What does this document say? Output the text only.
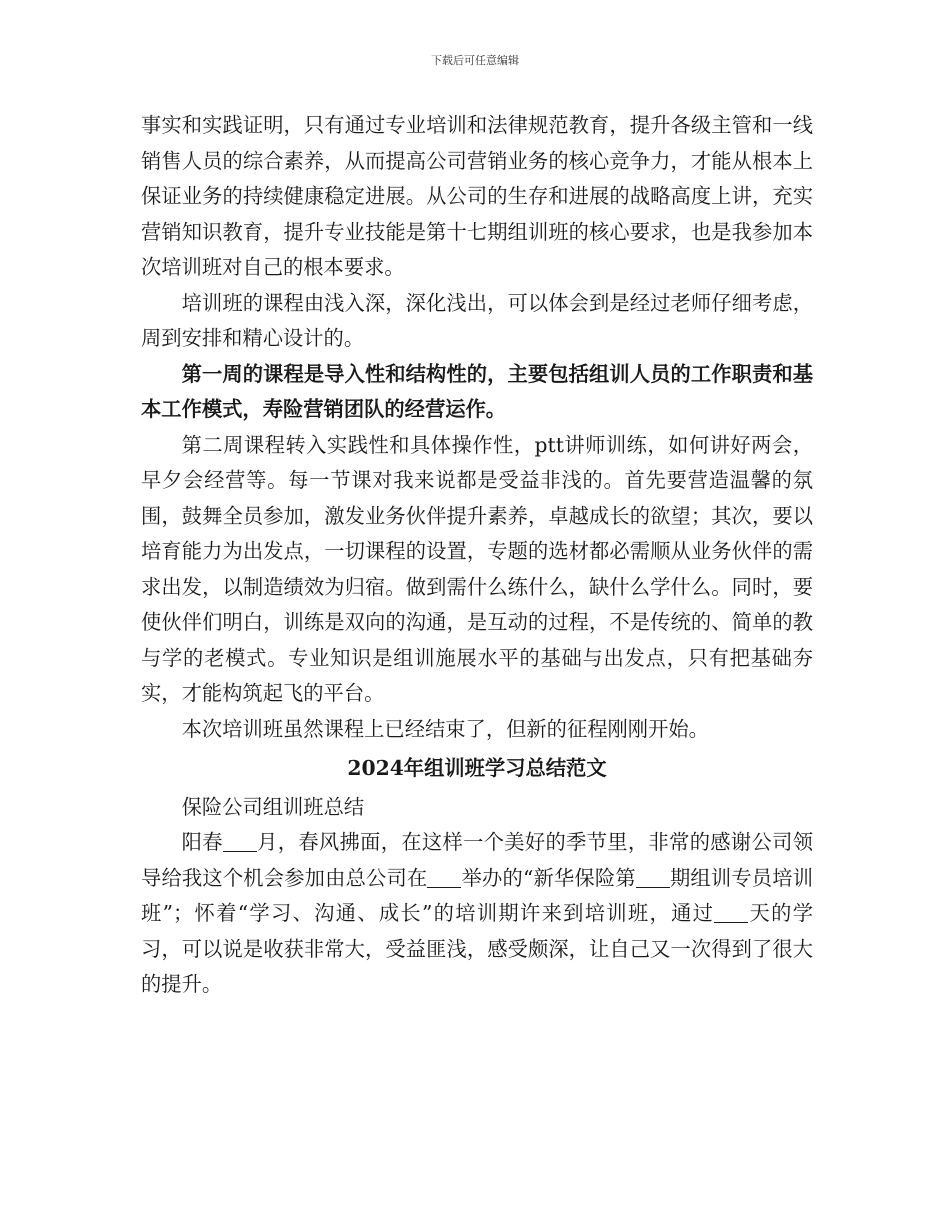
下载后可任意编辑

事实和实践证明，只有通过专业培训和法律规范教育，提升各级主管和一线销售人员的综合素养，从而提高公司营销业务的核心竞争力，才能从根本上保证业务的持续健康稳定进展。从公司的生存和进展的战略高度上讲，充实营销知识教育，提升专业技能是第十七期组训班的核心要求，也是我参加本次培训班对自己的根本要求。

培训班的课程由浅入深，深化浅出，可以体会到是经过老师仔细考虑，周到安排和精心设计的。

第一周的课程是导入性和结构性的，主要包括组训人员的工作职责和基本工作模式，寿险营销团队的经营运作。

第二周课程转入实践性和具体操作性，ptt讲师训练，如何讲好两会，早夕会经营等。每一节课对我来说都是受益非浅的。首先要营造温馨的氛围，鼓舞全员参加，激发业务伙伴提升素养，卓越成长的欲望；其次，要以培育能力为出发点，一切课程的设置，专题的选材都必需顺从业务伙伴的需求出发，以制造绩效为归宿。做到需什么练什么，缺什么学什么。同时，要使伙伴们明白，训练是双向的沟通，是互动的过程，不是传统的、简单的教与学的老模式。专业知识是组训施展水平的基础与出发点，只有把基础夯实，才能构筑起飞的平台。

本次培训班虽然课程上已经结束了，但新的征程刚刚开始。

2024年组训班学习总结范文

保险公司组训班总结

阳春 月，春风拂面，在这样一个美好的季节里，非常的感谢公司领导给我这个机会参加由总公司在 举办的“新华保险第 期组训专员培训班”；怀着“学习、沟通、成长”的培训期许来到培训班，通过 天的学习，可以说是收获非常大，受益匪浅，感受颇深，让自己又一次得到了很大的提升。
